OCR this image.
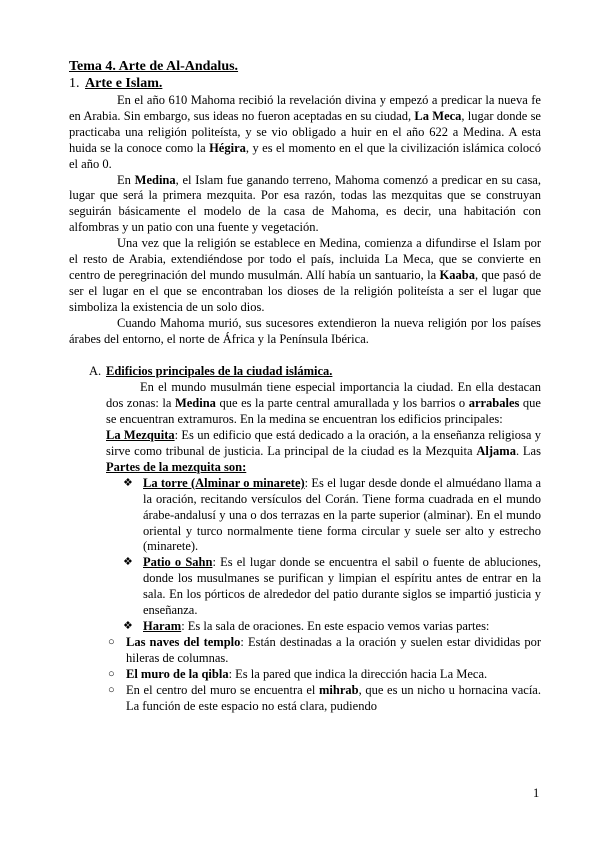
Tema 4. Arte de Al-Andalus.

1. Arte e Islam.

En el año 610 Mahoma recibió la revelación divina y empezó a predicar la nueva fe en Arabia. Sin embargo, sus ideas no fueron aceptadas en su ciudad, La Meca, lugar donde se practicaba una religión politeísta, y se vio obligado a huir en el año 622 a Medina. A esta huida se la conoce como la Hégira, y es el momento en el que la civilización islámica colocó el año 0.

En Medina, el Islam fue ganando terreno, Mahoma comenzó a predicar en su casa, lugar que será la primera mezquita. Por esa razón, todas las mezquitas que se construyan seguirán básicamente el modelo de la casa de Mahoma, es decir, una habitación con alfombras y un patio con una fuente y vegetación.

Una vez que la religión se establece en Medina, comienza a difundirse el Islam por el resto de Arabia, extendiéndose por todo el país, incluida La Meca, que se convierte en centro de peregrinación del mundo musulmán. Allí había un santuario, la Kaaba, que pasó de ser el lugar en el que se encontraban los dioses de la religión politeísta a ser el lugar que simboliza la existencia de un solo dios.

Cuando Mahoma murió, sus sucesores extendieron la nueva religión por los países árabes del entorno, el norte de África y la Península Ibérica.

A. Edificios principales de la ciudad islámica.

En el mundo musulmán tiene especial importancia la ciudad. En ella destacan dos zonas: la Medina que es la parte central amurallada y los barrios o arrabales que se encuentran extramuros. En la medina se encuentran los edificios principales:

La Mezquita: Es un edificio que está dedicado a la oración, a la enseñanza religiosa y sirve como tribunal de justicia. La principal de la ciudad es la Mezquita Aljama. Las Partes de la mezquita son:

❖ La torre (Alminar o minarete): Es el lugar desde donde el almuédano llama a la oración, recitando versículos del Corán. Tiene forma cuadrada en el mundo árabe-andalusí y una o dos terrazas en la parte superior (alminar). En el mundo oriental y turco normalmente tiene forma circular y suele ser alto y estrecho (minarete).
❖ Patio o Sahn: Es el lugar donde se encuentra el sabil o fuente de abluciones, donde los musulmanes se purifican y limpian el espíritu antes de entrar en la sala. En los pórticos de alrededor del patio durante siglos se impartió justicia y enseñanza.
❖ Haram: Es la sala de oraciones. En este espacio vemos varias partes:
○ Las naves del templo: Están destinadas a la oración y suelen estar divididas por hileras de columnas.
○ El muro de la qibla: Es la pared que indica la dirección hacia La Meca.
○ En el centro del muro se encuentra el mihrab, que es un nicho u hornacina vacía. La función de este espacio no está clara, pudiendo
1
